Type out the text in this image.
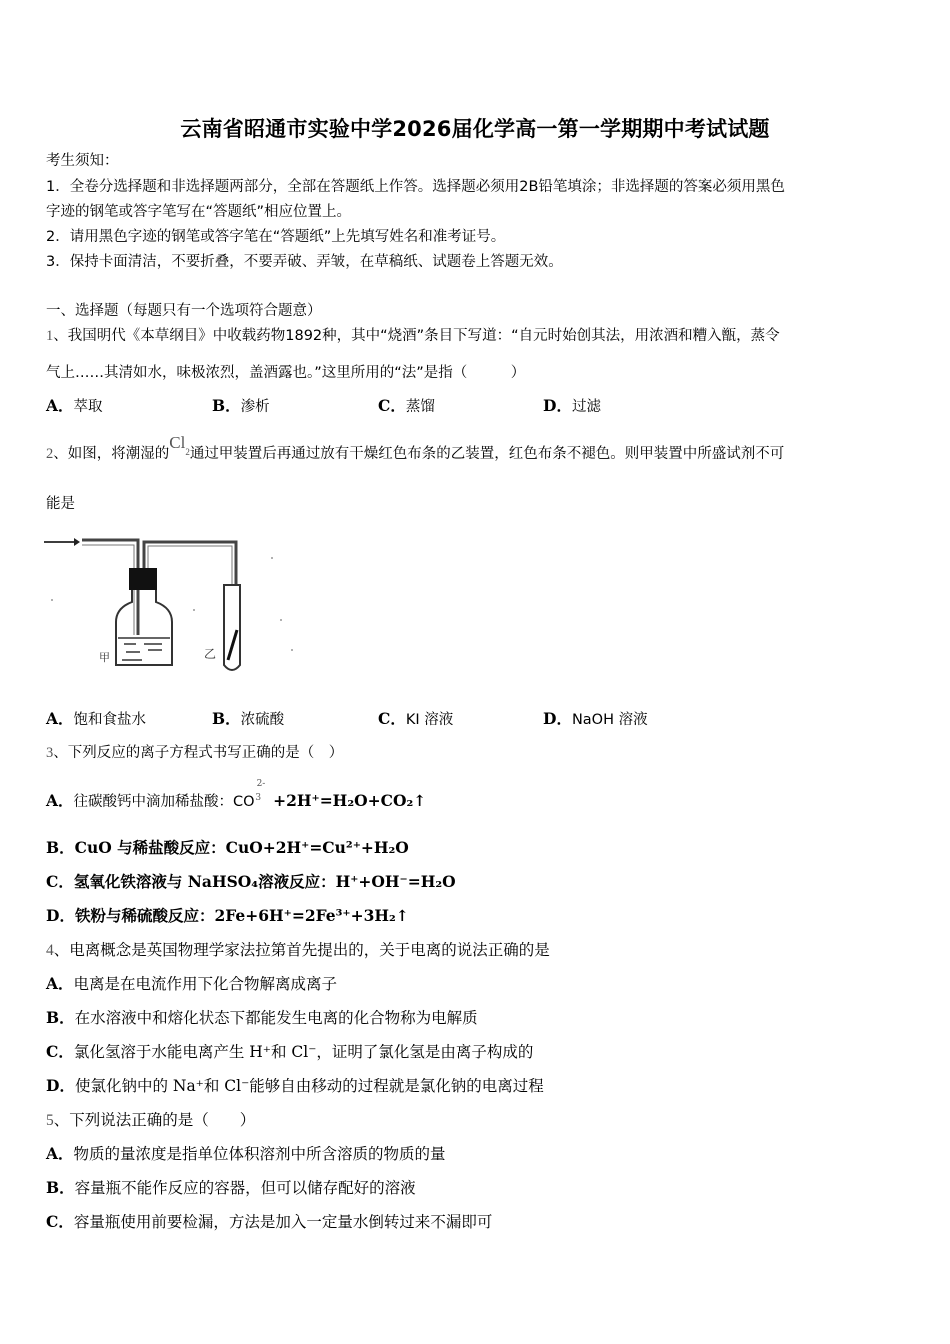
云南省昭通市实验中学2026届化学高一第一学期期中考试试题
考生须知：
1．全卷分选择题和非选择题两部分，全部在答题纸上作答。选择题必须用2B铅笔填涂；非选择题的答案必须用黑色
字迹的钢笔或答字笔写在“答题纸”相应位置上。
2．请用黑色字迹的钢笔或答字笔在“答题纸”上先填写姓名和准考证号。
3．保持卡面清洁，不要折叠，不要弄破、弄皱，在草稿纸、试题卷上答题无效。
一、选择题（每题只有一个选项符合题意）
1、我国明代《本草纲目》中收载药物1892种，其中“烧酒”条目下写道：“自元时始创其法，用浓酒和糟入甑，蒸令
气上……其清如水，味极浓烈，盖酒露也。”这里所用的“法”是指（　　　）
A．萃取	B．渗析	C．蒸馏	D．过滤
2、如图，将潮湿的$Cl_2$通过甲装置后再通过放有干燥红色布条的乙装置，红色布条不褪色。则甲装置中所盛试剂不可
能是
甲	乙
A．饱和食盐水	B．浓硫酸	C．KI 溶液	D．NaOH 溶液
3、下列反应的离子方程式书写正确的是（　）
A．往碳酸钙中滴加稀盐酸：$CO^{2-3}$ +2H⁺=H₂O+CO₂↑
B．CuO 与稀盐酸反应：CuO+2H⁺=Cu²⁺+H₂O
C．氢氧化铁溶液与 NaHSO₄溶液反应：H⁺+OH⁻=H₂O
D．铁粉与稀硫酸反应：2Fe+6H⁺=2Fe³⁺+3H₂↑
4、电离概念是英国物理学家法拉第首先提出的，关于电离的说法正确的是
A．电离是在电流作用下化合物解离成离子
B．在水溶液中和熔化状态下都能发生电离的化合物称为电解质
C．氯化氢溶于水能电离产生 H⁺和 Cl⁻，证明了氯化氢是由离子构成的
D．使氯化钠中的 Na⁺和 Cl⁻能够自由移动的过程就是氯化钠的电离过程
5、下列说法正确的是（　　）
A．物质的量浓度是指单位体积溶剂中所含溶质的物质的量
B．容量瓶不能作反应的容器，但可以储存配好的溶液
C．容量瓶使用前要检漏，方法是加入一定量水倒转过来不漏即可
